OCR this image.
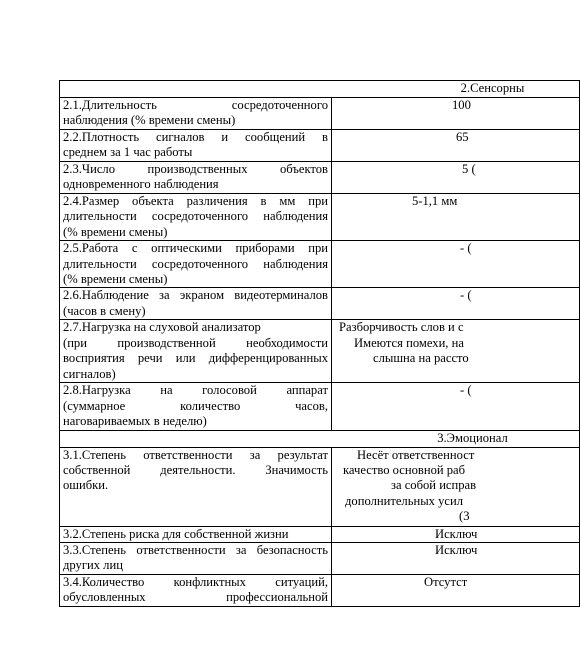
2.Сенсорны	

2.1.Длительность сосредоточенного
наблюдения (% времени смены)	100

2.2.Плотность сигналов и сообщений в
среднем за 1 час работы	65

2.3.Число производственных объектов
одновременного наблюдения	5 (

2.4.Размер объекта различения в мм при
длительности сосредоточенного наблюдения
(% времени смены)	5-1,1 мм

2.5.Работа с оптическими приборами при
длительности сосредоточенного наблюдения
(% времени смены)	- (

2.6.Наблюдение за экраном видеотерминалов
(часов в смену)	- (

2.7.Нагрузка на слуховой анализатор
(при производственной необходимости
восприятия речи или дифференцированных
сигналов)	Разборчивость слов и с
Имеются помехи, на
слышна на рассто

2.8.Нагрузка на голосовой аппарат
(суммарное количество часов,
наговариваемых в неделю)	- (
3.Эмоционал	

3.1.Степень ответственности за результат
собственной деятельности. Значимость
ошибки.	Несёт ответственност
качество основной раб
за собой исправ
дополнительных усил
(3

3.2.Степень риска для собственной жизни	Исключ

3.3.Степень ответственности за безопасность
других лиц	Исключ

3.4.Количество конфликтных ситуаций,
обусловленных профессиональной	Отсутст
